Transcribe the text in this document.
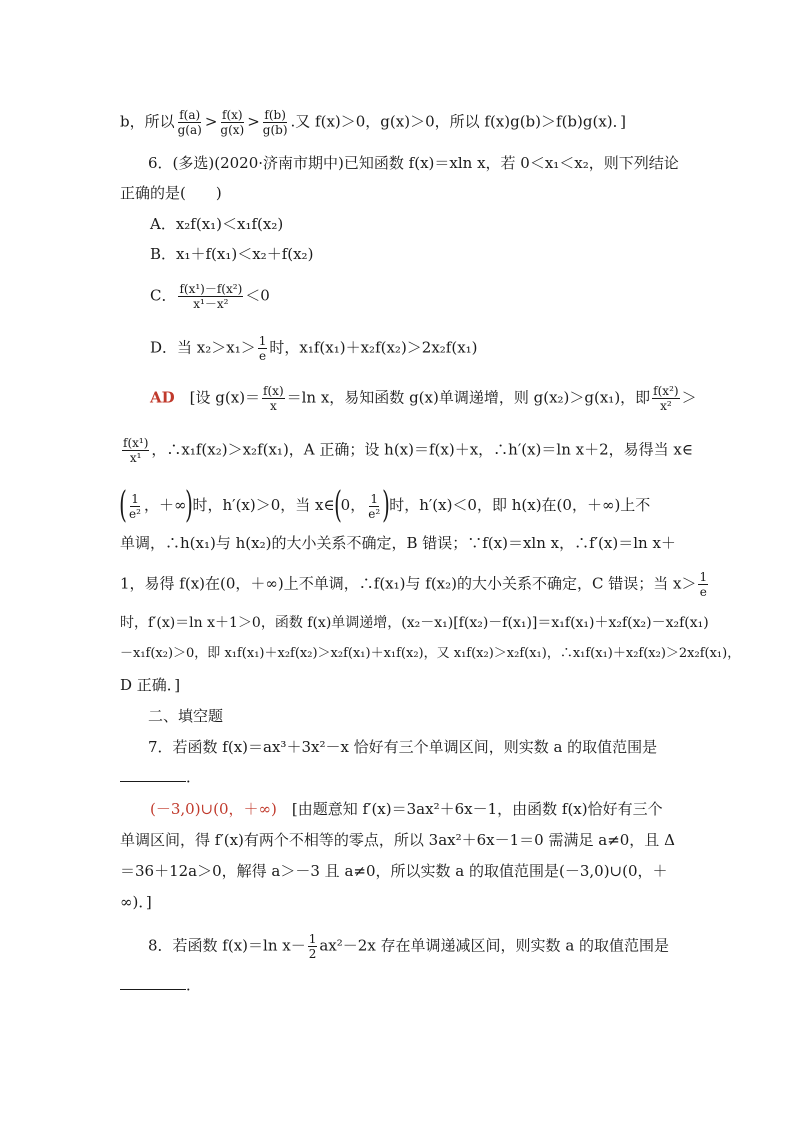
b，所以 $\frac{f(a)}{g(a)} > \frac{f(x)}{g(x)} > \frac{f(b)}{g(b)}$ .又 f(x)＞0，g(x)＞0，所以 f(x)g(b)＞f(b)g(x)．]
6．(多选)(2020·济南市期中)已知函数 f(x)＝xln x，若 0＜x₁＜x₂，则下列结论
正确的是(　　)
A．x₂f(x₁)＜x₁f(x₂)
B．x₁＋f(x₁)＜x₂＋f(x₂)
C． $\frac{\text{f(x¹)－f(x²)}}{\text{x¹－x²}} <0$
D．当 $x_2>x_1> \frac{1}{e}$ 时，x₁f(x₁)＋x₂f(x₂)＞2x₂f(x₁)
AD　[设 $g(x)= \frac{f(x)}{x} =\ln$ x，易知函数 g(x)单调递增，则 g(x₂)＞g(x₁)，即 $\frac{\text{f(x²)}}{\text{x²}}$ ＞
$\frac{\text{f(x¹)}}{\text{x¹}}$ ，∴x₁f(x₂)＞x₂f(x₁)，A 正确；设 h(x)＝f(x)＋x，∴h′(x)＝ln x＋2，易得当 x∈
( $\frac{1}{\text{e²}}$ ，＋∞)时，h′(x)＞0，当 x∈(0， $\frac{1}{\text{e²}}$ )时，h′(x)＜0，即 h(x)在(0，＋∞)上不
单调，∴h(x₁)与 h(x₂)的大小关系不确定，B 错误；∵f(x)＝xln x，∴f′(x)＝ln x＋
1，易得 f(x)在(0，＋∞)上不单调，∴f(x₁)与 f(x₂)的大小关系不确定，C 错误；当 $x> \frac{1}{e}$
时，f′(x)＝ln x＋1＞0，函数 f(x)单调递增，(x₂－x₁)[f(x₂)－f(x₁)]＝x₁f(x₁)＋x₂f(x₂)－x₂f(x₁)
－x₁f(x₂)＞0，即 x₁f(x₁)＋x₂f(x₂)＞x₂f(x₁)＋x₁f(x₂)，又 x₁f(x₂)＞x₂f(x₁)，∴x₁f(x₁)＋x₂f(x₂)＞2x₂f(x₁)，
D 正确．]
二、填空题
7．若函数 f(x)＝ax³＋3x²－x 恰好有三个单调区间，则实数 a 的取值范围是
．
(－3,0)∪(0，＋∞)　[由题意知 f′(x)＝3ax²＋6x－1，由函数 f(x)恰好有三个
单调区间，得 f′(x)有两个不相等的零点，所以 3ax²＋6x－1＝0 需满足 a≠0，且 Δ
＝36＋12a＞0，解得 a＞－3 且 a≠0，所以实数 a 的取值范围是(－3,0)∪(0，＋
∞)．]
8．若函数 f(x)＝ln $x- \frac{1}{2} ax^2-2x$ 存在单调递减区间，则实数 a 的取值范围是
．
